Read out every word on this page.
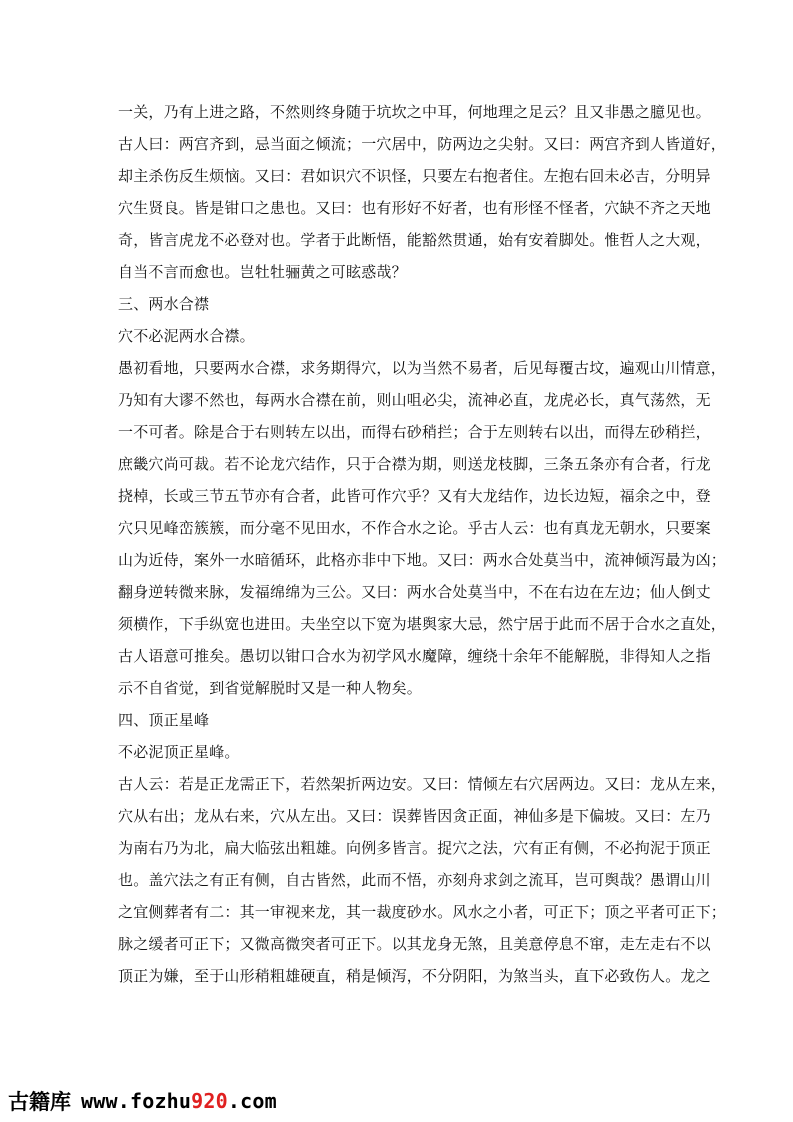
一关，乃有上进之路，不然则终身随于坑坎之中耳，何地理之足云？且又非愚之臆见也。
古人曰：两宫齐到，忌当面之倾流；一穴居中，防两边之尖射。又曰：两宫齐到人皆道好，
却主杀伤反生烦恼。又曰：君如识穴不识怪，只要左右抱者住。左抱右回未必吉，分明异
穴生贤良。皆是钳口之患也。又曰：也有形好不好者，也有形怪不怪者，穴缺不齐之天地
奇，皆言虎龙不必登对也。学者于此断悟，能豁然贯通，始有安着脚处。惟哲人之大观，
自当不言而愈也。岂牡牡骊黄之可眩惑哉？
三、两水合襟
穴不必泥两水合襟。
愚初看地，只要两水合襟，求务期得穴，以为当然不易者，后见每覆古坟，遍观山川情意，
乃知有大谬不然也，每两水合襟在前，则山咀必尖，流神必直，龙虎必长，真气荡然，无
一不可者。除是合于右则转左以出，而得右砂稍拦；合于左则转右以出，而得左砂稍拦，
庶畿穴尚可裁。若不论龙穴结作，只于合襟为期，则送龙枝脚，三条五条亦有合者，行龙
挠棹，长或三节五节亦有合者，此皆可作穴乎？又有大龙结作，边长边短，福余之中，登
穴只见峰峦簇簇，而分毫不见田水，不作合水之论。乎古人云：也有真龙无朝水，只要案
山为近侍，案外一水暗循环，此格亦非中下地。又曰：两水合处莫当中，流神倾泻最为凶；
翻身逆转微来脉，发福绵绵为三公。又曰：两水合处莫当中，不在右边在左边；仙人倒丈
须横作，下手纵宽也进田。夫坐空以下宽为堪舆家大忌，然宁居于此而不居于合水之直处，
古人语意可推矣。愚切以钳口合水为初学风水魔障，缠绕十余年不能解脱，非得知人之指
示不自省觉，到省觉解脱时又是一种人物矣。
四、顶正星峰
不必泥顶正星峰。
古人云：若是正龙需正下，若然架折两边安。又曰：情倾左右穴居两边。又曰：龙从左来，
穴从右出；龙从右来，穴从左出。又曰：误葬皆因贪正面，神仙多是下偏坡。又曰：左乃
为南右乃为北，扁大临弦出粗雄。向例多皆言。捉穴之法，穴有正有侧，不必拘泥于顶正
也。盖穴法之有正有侧，自古皆然，此而不悟，亦刻舟求剑之流耳，岂可舆哉？愚谓山川
之宜侧葬者有二：其一审视来龙，其一裁度砂水。风水之小者，可正下；顶之平者可正下；
脉之缓者可正下；又微高微突者可正下。以其龙身无煞，且美意停息不窜，走左走右不以
顶正为嫌，至于山形稍粗雄硬直，稍是倾泻，不分阴阳，为煞当头，直下必致伤人。龙之
古籍库 www.fozhu920.com
